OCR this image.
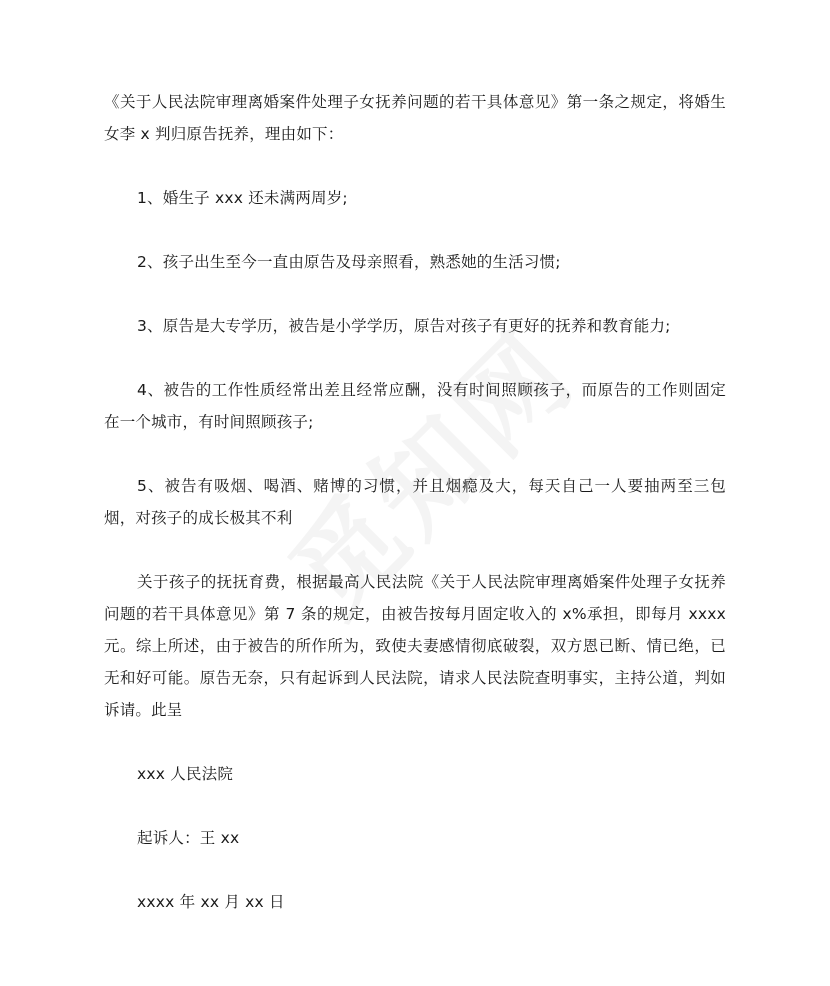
《关于人民法院审理离婚案件处理子女抚养问题的若干具体意见》第一条之规定，将婚生女李 x 判归原告抚养，理由如下：

1、婚生子 xxx 还未满两周岁;

2、孩子出生至今一直由原告及母亲照看，熟悉她的生活习惯;

3、原告是大专学历，被告是小学学历，原告对孩子有更好的抚养和教育能力;

4、被告的工作性质经常出差且经常应酬，没有时间照顾孩子，而原告的工作则固定在一个城市，有时间照顾孩子;

5、被告有吸烟、喝酒、赌博的习惯，并且烟瘾及大，每天自己一人要抽两至三包烟，对孩子的成长极其不利

关于孩子的抚抚育费，根据最高人民法院《关于人民法院审理离婚案件处理子女抚养问题的若干具体意见》第 7 条的规定，由被告按每月固定收入的 x%承担，即每月 xxxx 元。综上所述，由于被告的所作所为，致使夫妻感情彻底破裂，双方恩已断、情已绝，已无和好可能。原告无奈，只有起诉到人民法院，请求人民法院查明事实，主持公道，判如诉请。此呈

xxx 人民法院

起诉人：王 xx

xxxx 年 xx 月 xx 日
